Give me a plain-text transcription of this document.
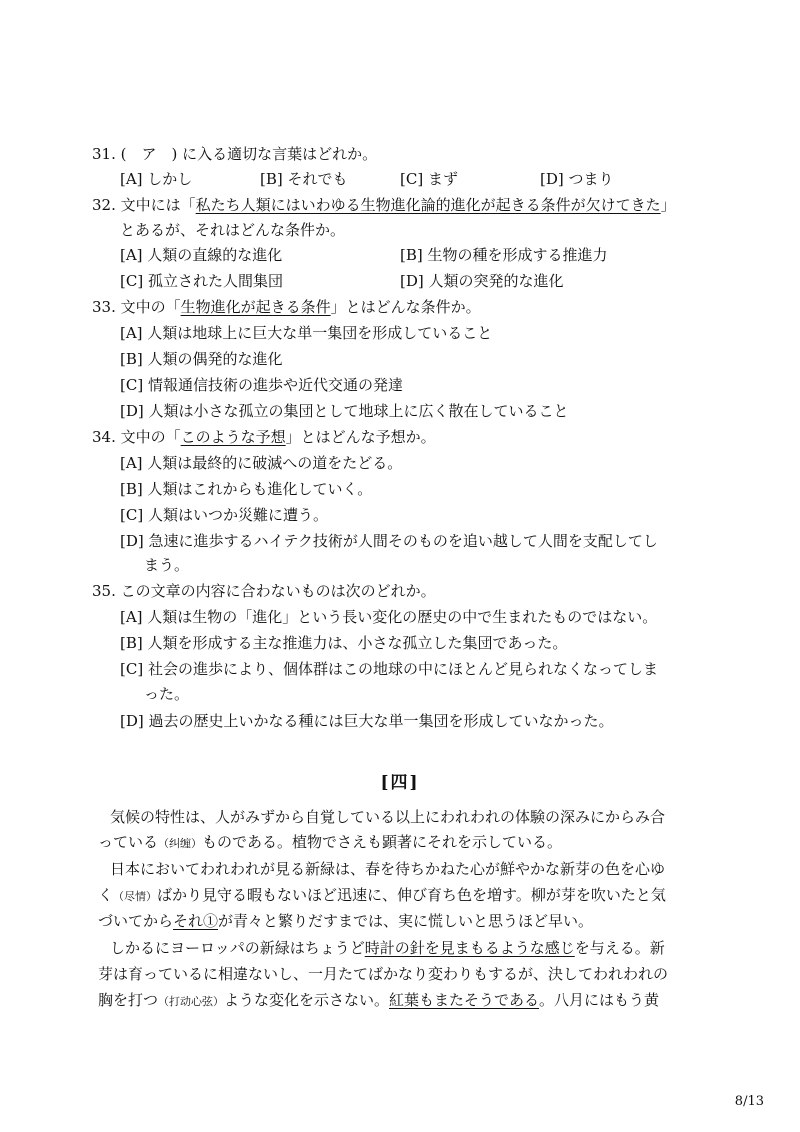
31. (　ア　) に入る適切な言葉はどれか。
[A] しかし	[B] それでも	[C] まず	[D] つまり
32. 文中には「私たち人類にはいわゆる生物進化論的進化が起きる条件が欠けてきた」
とあるが、それはどんな条件か。
[A] 人類の直線的な進化	[B] 生物の種を形成する推進力
[C] 孤立された人間集団	[D] 人類の突発的な進化
33. 文中の「生物進化が起きる条件」とはどんな条件か。
[A] 人類は地球上に巨大な単一集団を形成していること
[B] 人類の偶発的な進化
[C] 情報通信技術の進歩や近代交通の発達
[D] 人類は小さな孤立の集団として地球上に広く散在していること
34. 文中の「このような予想」とはどんな予想か。
[A] 人類は最終的に破滅への道をたどる。
[B] 人類はこれからも進化していく。
[C] 人類はいつか災難に遭う。
[D] 急速に進歩するハイテク技術が人間そのものを追い越して人間を支配してし
まう。
35. この文章の内容に合わないものは次のどれか。
[A] 人類は生物の「進化」という長い変化の歴史の中で生まれたものではない。
[B] 人類を形成する主な推進力は、小さな孤立した集団であった。
[C] 社会の進歩により、個体群はこの地球の中にほとんど見られなくなってしま
った。
[D] 過去の歴史上いかなる種には巨大な単一集団を形成していなかった。
[四]
気候の特性は、人がみずから自覚している以上にわれわれの体験の深みにからみ合
っている（纠缠）ものである。植物でさえも顕著にそれを示している。
日本においてわれわれが見る新緑は、春を待ちかねた心が鮮やかな新芽の色を心ゆ
く（尽情）ばかり見守る暇もないほど迅速に、伸び育ち色を増す。柳が芽を吹いたと気
づいてからそれ①が青々と繁りだすまでは、実に慌しいと思うほど早い。
しかるにヨーロッパの新緑はちょうど時計の針を見まもるような感じを与える。新
芽は育っているに相違ないし、一月たてばかなり変わりもするが、決してわれわれの
胸を打つ（打动心弦）ような変化を示さない。紅葉もまたそうである。八月にはもう黄
8/13
